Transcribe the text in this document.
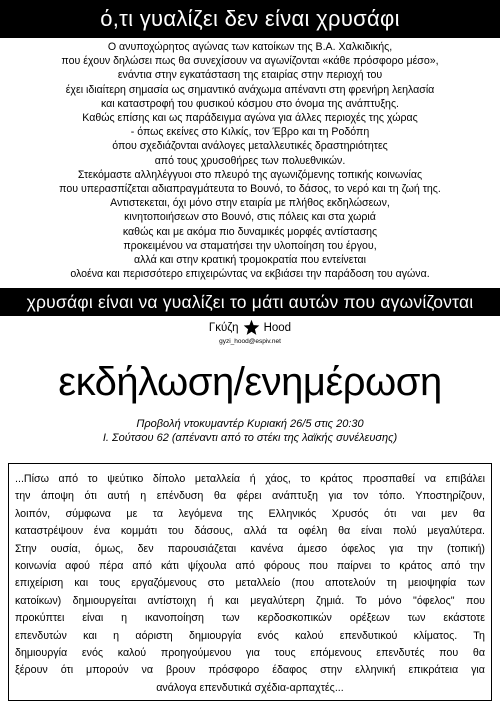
ό,τι γυαλίζει δεν είναι χρυσάφι
Ο ανυποχώρητος αγώνας των κατοίκων της Β.Α. Χαλκιδικής,
που έχουν δηλώσει πως θα συνεχίσουν να αγωνίζονται «κάθε πρόσφορο μέσο»,
ενάντια στην εγκατάσταση της εταιρίας στην περιοχή του
έχει ιδιαίτερη σημασία ως σημαντικό ανάχωμα απέναντι στη φρενήρη λεηλασία
και καταστροφή του φυσικού κόσμου στο όνομα της ανάπτυξης.
Καθώς επίσης και ως παράδειγμα αγώνα για άλλες περιοχές της χώρας
- όπως εκείνες στο Κιλκίς, τον Έβρο και τη Ροδόπη
όπου σχεδιάζονται ανάλογες μεταλλευτικές δραστηριότητες
από τους χρυσοθήρες των πολυεθνικών.
Στεκόμαστε αλληλέγγυοι στο πλευρό της αγωνιζόμενης τοπικής κοινωνίας
που υπερασπίζεται αδιαπραγμάτευτα το Βουνό, το δάσος, το νερό και τη ζωή της.
Αντιστεκεται, όχι μόνο στην εταιρία με πλήθος εκδηλώσεων,
κινητοποιήσεων στο Βουνό, στις πόλεις και στα χωριά
καθώς και με ακόμα πιο δυναμικές μορφές αντίστασης
προκειμένου να σταματήσει την υλοποίηση του έργου,
αλλά και στην κρατική τρομοκρατία που εντείνεται
ολοένα και περισσότερο επιχειρώντας να εκβιάσει την παράδοση του αγώνα.
χρυσάφι είναι να γυαλίζει το μάτι αυτών που αγωνίζονται
Γκύζη Hood
gyzi_hood@espiv.net
εκδήλωση/ενημέρωση
Προβολή ντοκυμαντέρ Κυριακή 26/5 στις 20:30
Ι. Σούτσου 62 (απέναντι από το στέκι της λαϊκής συνέλευσης)
...Πίσω από το ψεύτικο δίπολο μεταλλεία ή χάος, το κράτος προσπαθεί να επιβάλει
την άποψη ότι αυτή η επένδυση θα φέρει ανάπτυξη για τον τόπο. Υποστηρίζουν,
λοιπόν, σύμφωνα με τα λεγόμενα της Ελληνικός Χρυσός ότι ναι μεν θα
καταστρέψουν ένα κομμάτι του δάσους, αλλά τα οφέλη θα είναι πολύ μεγαλύτερα.
Στην ουσία, όμως, δεν παρουσιάζεται κανένα άμεσο όφελος για την (τοπική)
κοινωνία αφού πέρα από κάτι ψίχουλα από φόρους που παίρνει το κράτος από την
επιχείριση και τους εργαζόμενους στο μεταλλείο (που αποτελούν τη μειοψηφία των
κατοίκων) δημιουργείται αντίστοιχη ή και μεγαλύτερη ζημιά. Το μόνο "όφελος" που
προκύπτει είναι η ικανοποίηση των κερδοσκοπικών ορέξεων των εκάστοτε
επενδυτών και η αόριστη δημιουργία ενός καλού επενδυτικού κλίματος. Τη
δημιουργία ενός καλού προηγούμενου για τους επόμενους επενδυτές που θα
ξέρουν ότι μπορούν να βρουν πρόσφορο έδαφος στην ελληνική επικράτεια για
ανάλογα επενδυτικά σχέδια-αρπαχτές...
